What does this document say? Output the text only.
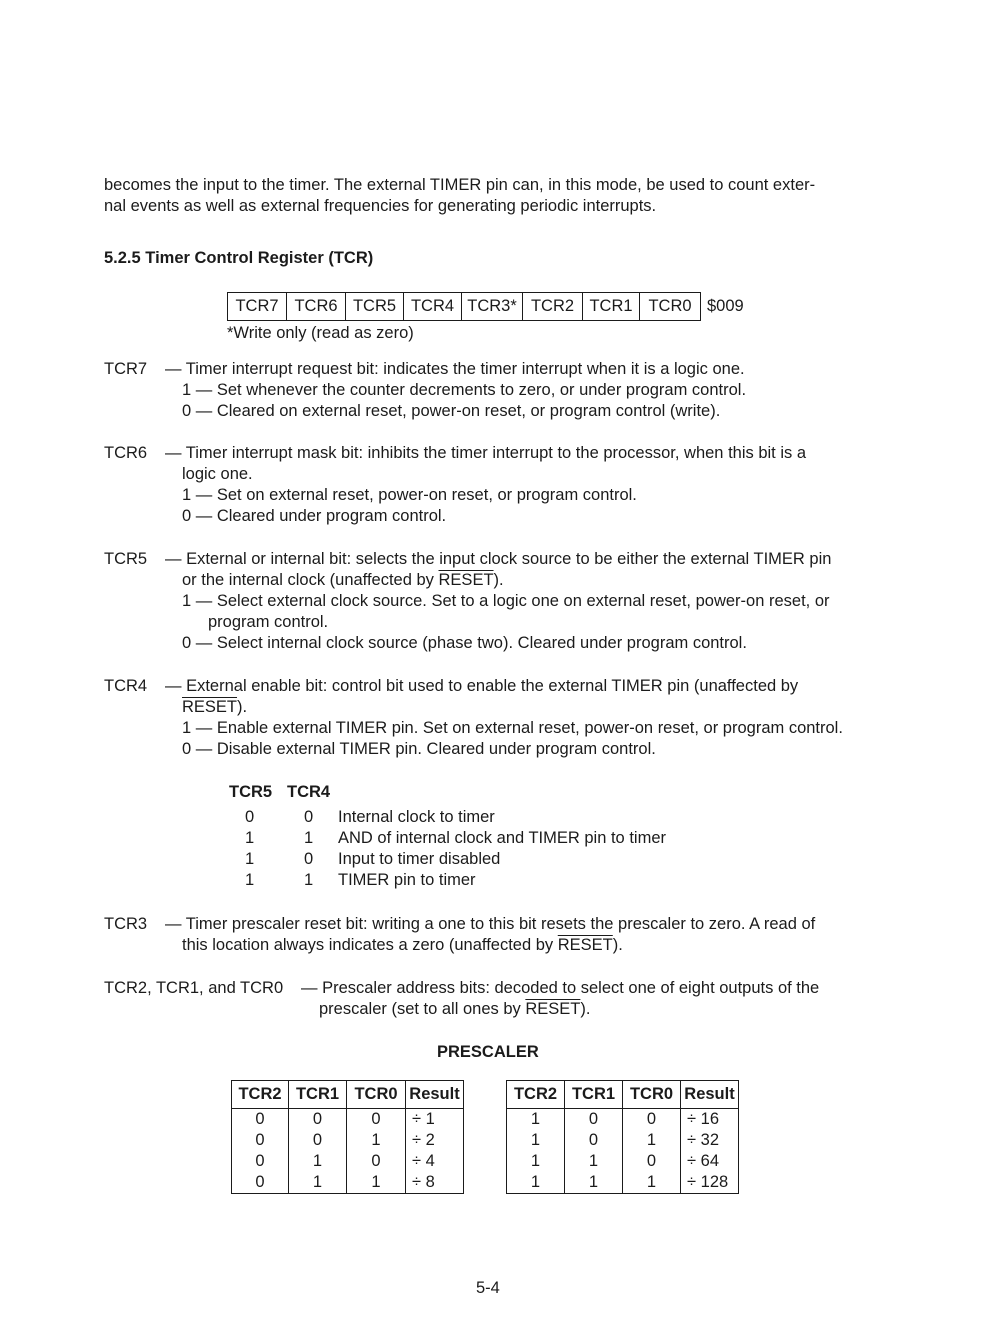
becomes the input to the timer. The external TIMER pin can, in this mode, be used to count exter-
nal events as well as external frequencies for generating periodic interrupts.
5.2.5 Timer Control Register (TCR)
TCR7 TCR6 TCR5 TCR4 TCR3* TCR2 TCR1 TCR0 $009
*Write only (read as zero)
TCR7 — Timer interrupt request bit: indicates the timer interrupt when it is a logic one.
1 — Set whenever the counter decrements to zero, or under program control.
0 — Cleared on external reset, power-on reset, or program control (write).
TCR6 — Timer interrupt mask bit: inhibits the timer interrupt to the processor, when this bit is a
logic one.
1 — Set on external reset, power-on reset, or program control.
0 — Cleared under program control.
TCR5 — External or internal bit: selects the input clock source to be either the external TIMER pin
or the internal clock (unaffected by RESET).
1 — Select external clock source. Set to a logic one on external reset, power-on reset, or
program control.
0 — Select internal clock source (phase two). Cleared under program control.
TCR4 — External enable bit: control bit used to enable the external TIMER pin (unaffected by
RESET).
1 — Enable external TIMER pin. Set on external reset, power-on reset, or program control.
0 — Disable external TIMER pin. Cleared under program control.
TCR5 TCR4
0	0 Internal clock to timer
1	1 AND of internal clock and TIMER pin to timer
1	0 Input to timer disabled
1	1 TIMER pin to timer
TCR3 — Timer prescaler reset bit: writing a one to this bit resets the prescaler to zero. A read of
this location always indicates a zero (unaffected by RESET).
TCR2, TCR1, and TCR0 — Prescaler address bits: decoded to select one of eight outputs of the
prescaler (set to all ones by RESET).
PRESCALER
TCR2	TCR1	TCR0	Result
0	0	0	÷ 1
0	0	1	÷ 2
0	1	0	÷ 4
0	1	1	÷ 8
TCR2	TCR1	TCR0	Result
1	0	0	÷ 16
1	0	1	÷ 32
1	1	0	÷ 64
1	1	1	÷ 128
5-4
